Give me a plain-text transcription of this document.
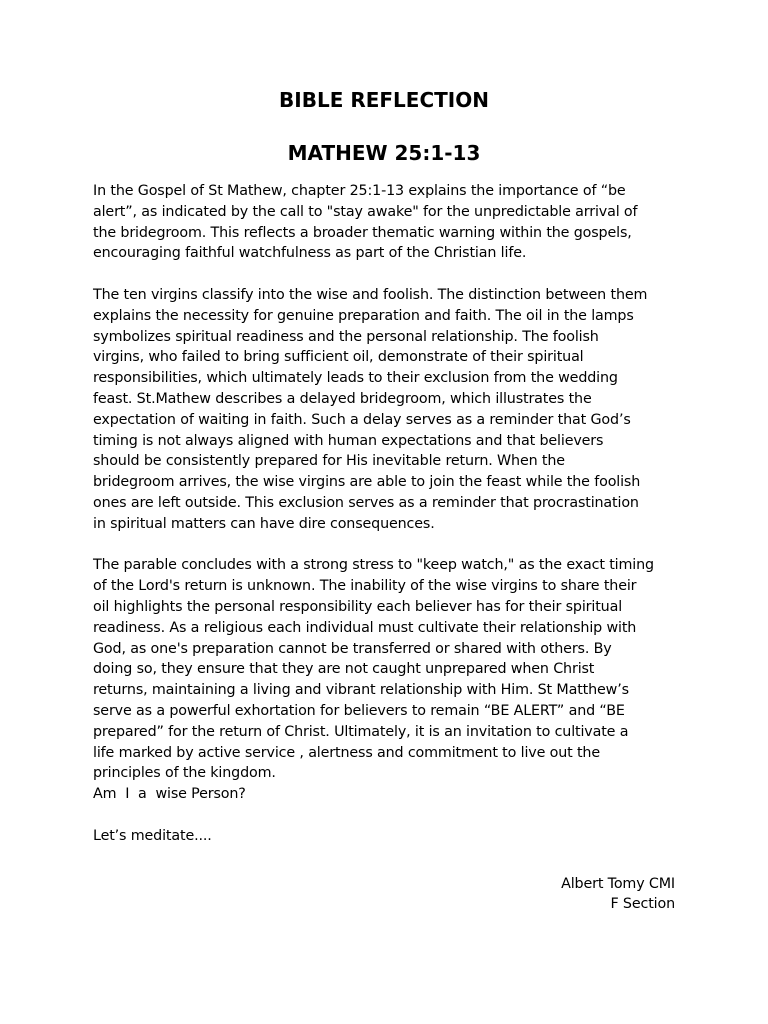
BIBLE REFLECTION
MATHEW 25:1-13

In the Gospel of St Mathew, chapter 25:1-13 explains the importance of “be
alert”, as indicated by the call to "stay awake" for the unpredictable arrival of
the bridegroom. This reflects a broader thematic warning within the gospels,
encouraging faithful watchfulness as part of the Christian life.

The ten virgins classify into the wise and foolish. The distinction between them
explains the necessity for genuine preparation and faith. The oil in the lamps
symbolizes spiritual readiness and the personal relationship. The foolish
virgins, who failed to bring sufficient oil, demonstrate of their spiritual
responsibilities, which ultimately leads to their exclusion from the wedding
feast. St.Mathew describes a delayed bridegroom, which illustrates the
expectation of waiting in faith. Such a delay serves as a reminder that God’s
timing is not always aligned with human expectations and that believers
should be consistently prepared for His inevitable return. When the
bridegroom arrives, the wise virgins are able to join the feast while the foolish
ones are left outside. This exclusion serves as a reminder that procrastination
in spiritual matters can have dire consequences.

The parable concludes with a strong stress to "keep watch," as the exact timing
of the Lord's return is unknown. The inability of the wise virgins to share their
oil highlights the personal responsibility each believer has for their spiritual
readiness. As a religious each individual must cultivate their relationship with
God, as one's preparation cannot be transferred or shared with others. By
doing so, they ensure that they are not caught unprepared when Christ
returns, maintaining a living and vibrant relationship with Him. St Matthew’s
serve as a powerful exhortation for believers to remain “BE ALERT” and “BE
prepared” for the return of Christ. Ultimately, it is an invitation to cultivate a
life marked by active service , alertness and commitment to live out the
principles of the kingdom.
Am  I  a  wise Person?

Let’s meditate....

Albert Tomy CMI
F Section
